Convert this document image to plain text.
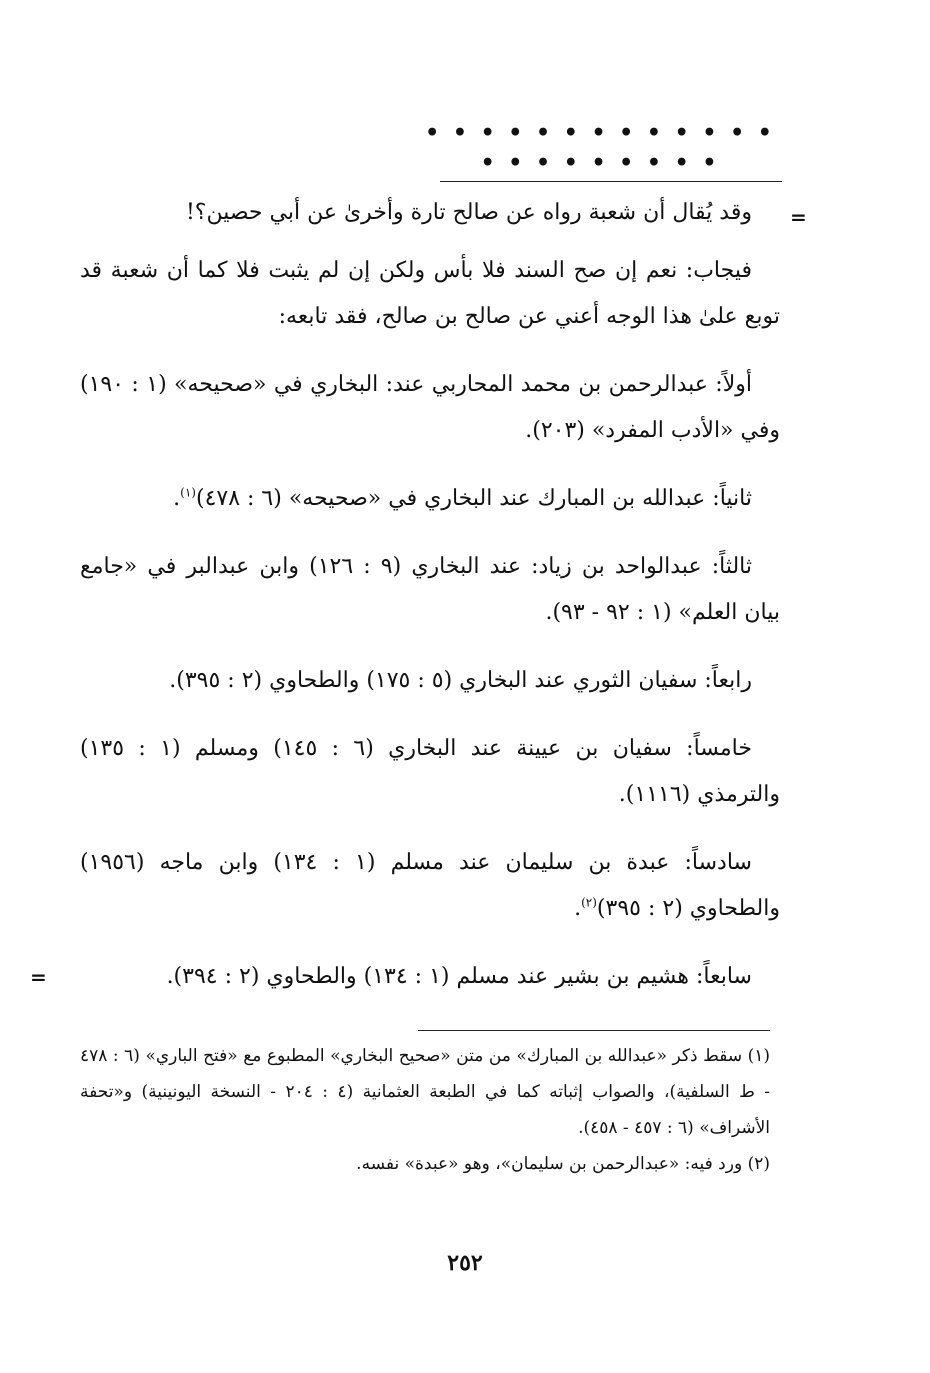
• • • • • • • • • • • • • • • • • • • • • •
=
=

وقد يُقال أن شعبة رواه عن صالح تارة وأخرىٰ عن أبي حصين؟!

فيجاب: نعم إن صح السند فلا بأس ولكن إن لم يثبت فلا كما أن شعبة قد توبع علىٰ هذا الوجه أعني عن صالح بن صالح، فقد تابعه:

أولاً: عبدالرحمن بن محمد المحاربي عند: البخاري في «صحيحه» (١ : ١٩٠) وفي «الأدب المفرد» (٢٠٣).

ثانياً: عبدالله بن المبارك عند البخاري في «صحيحه» (٦ : ٤٧٨)$^{(١)}$.

ثالثاً: عبدالواحد بن زياد: عند البخاري (٩ : ١٢٦) وابن عبدالبر في «جامع بيان العلم» (١ : ٩٢ - ٩٣).

رابعاً: سفيان الثوري عند البخاري (٥ : ١٧٥) والطحاوي (٢ : ٣٩٥).

خامساً: سفيان بن عيينة عند البخاري (٦ : ١٤٥) ومسلم (١ : ١٣٥) والترمذي (١١١٦).

سادساً: عبدة بن سليمان عند مسلم (١ : ١٣٤) وابن ماجه (١٩٥٦) والطحاوي (٢ : ٣٩٥)$^{(٢)}$.

سابعاً: هشيم بن بشير عند مسلم (١ : ١٣٤) والطحاوي (٢ : ٣٩٤).

(١) سقط ذكر «عبدالله بن المبارك» من متن «صحيح البخاري» المطبوع مع «فتح الباري» (٦ : ٤٧٨ - ط السلفية)، والصواب إثباته كما في الطبعة العثمانية (٤ : ٢٠٤ - النسخة اليونينية) و«تحفة الأشراف» (٦ : ٤٥٧ - ٤٥٨).

(٢) ورد فيه: «عبدالرحمن بن سليمان»، وهو «عبدة» نفسه.

٢٥٢
